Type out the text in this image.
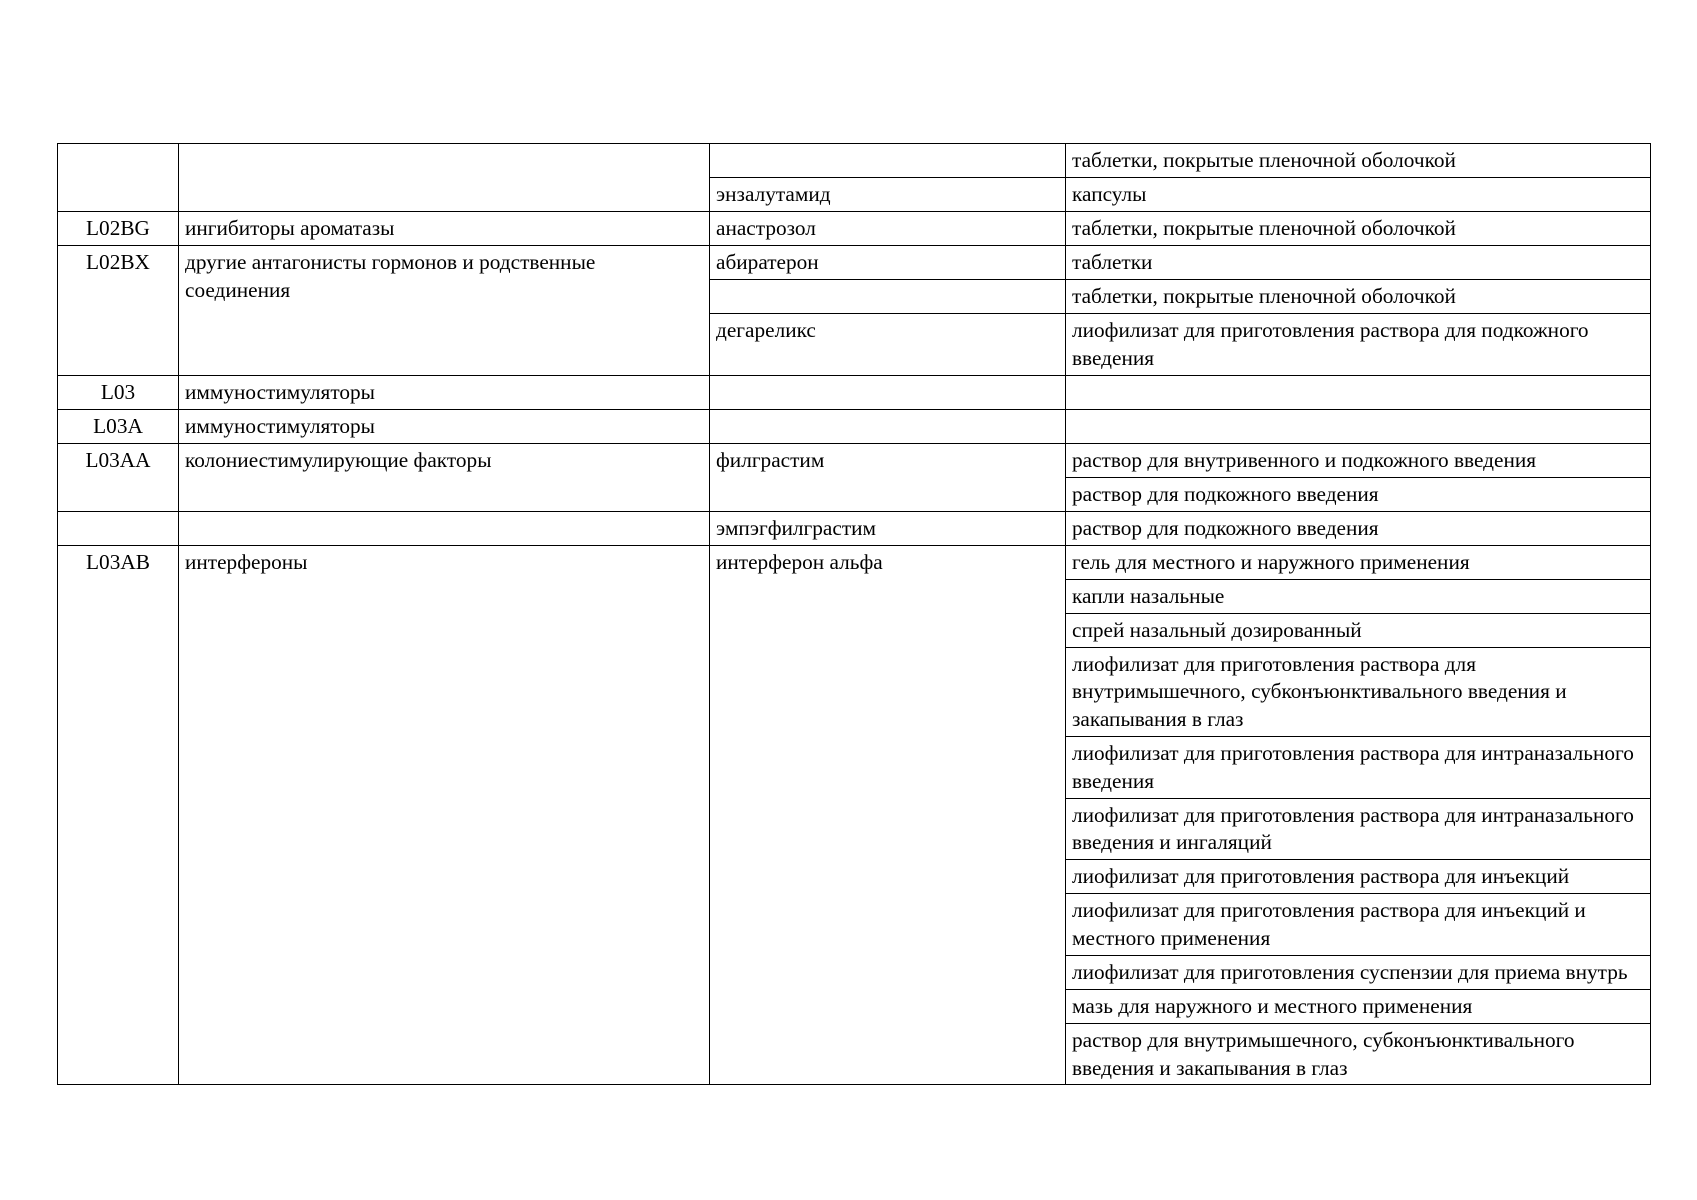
			таблетки, покрытые пленочной оболочкой
		энзалутамид	капсулы
L02BG	ингибиторы ароматазы	анастрозол	таблетки, покрытые пленочной оболочкой
L02BX	другие антагонисты гормонов и родственные соединения	абиратерон	таблетки
			таблетки, покрытые пленочной оболочкой
		дегареликс	лиофилизат для приготовления раствора для подкожного введения
L03	иммуностимуляторы		
L03A	иммуностимуляторы		
L03AA	колониестимулирующие факторы	филграстим	раствор для внутривенного и подкожного введения
			раствор для подкожного введения
		эмпэгфилграстим	раствор для подкожного введения
L03AB	интерфероны	интерферон альфа	гель для местного и наружного применения
			капли назальные
			спрей назальный дозированный
			лиофилизат для приготовления раствора для внутримышечного, субконъюнктивального введения и закапывания в глаз
			лиофилизат для приготовления раствора для интраназального введения
			лиофилизат для приготовления раствора для интраназального введения и ингаляций
			лиофилизат для приготовления раствора для инъекций
			лиофилизат для приготовления раствора для инъекций и местного применения
			лиофилизат для приготовления суспензии для приема внутрь
			мазь для наружного и местного применения
			раствор для внутримышечного, субконъюнктивального введения и закапывания в глаз
